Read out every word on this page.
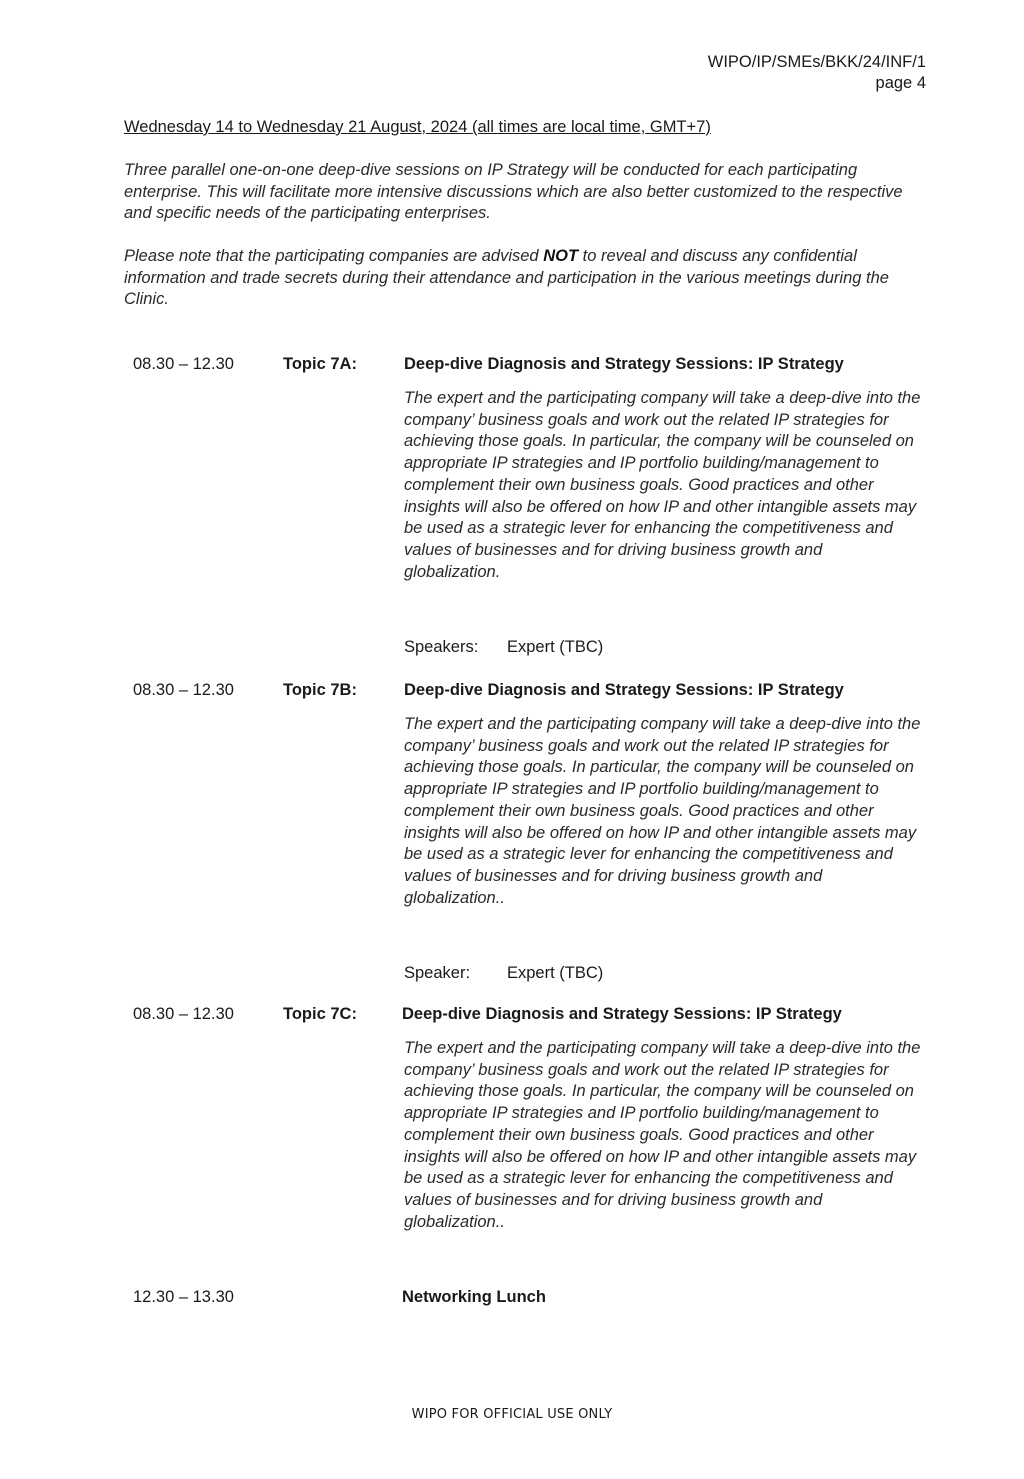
WIPO/IP/SMEs/BKK/24/INF/1
page 4
Wednesday 14 to Wednesday 21 August, 2024 (all times are local time, GMT+7)

Three parallel one-on-one deep-dive sessions on IP Strategy will be conducted for each participating enterprise. This will facilitate more intensive discussions which are also better customized to the respective and specific needs of the participating enterprises.

Please note that the participating companies are advised NOT to reveal and discuss any confidential information and trade secrets during their attendance and participation in the various meetings during the Clinic.

08.30 – 12.30	Topic 7A:	Deep-dive Diagnosis and Strategy Sessions: IP Strategy

The expert and the participating company will take a deep-dive into the company’ business goals and work out the related IP strategies for achieving those goals. In particular, the company will be counseled on appropriate IP strategies and IP portfolio building/management to complement their own business goals. Good practices and other insights will also be offered on how IP and other intangible assets may be used as a strategic lever for enhancing the competitiveness and values of businesses and for driving business growth and globalization.

Speakers: Expert (TBC)
08.30 – 12.30	Topic 7B:	Deep-dive Diagnosis and Strategy Sessions: IP Strategy

The expert and the participating company will take a deep-dive into the company’ business goals and work out the related IP strategies for achieving those goals. In particular, the company will be counseled on appropriate IP strategies and IP portfolio building/management to complement their own business goals. Good practices and other insights will also be offered on how IP and other intangible assets may be used as a strategic lever for enhancing the competitiveness and values of businesses and for driving business growth and globalization..

Speaker: Expert (TBC)
08.30 – 12.30	Topic 7C:	Deep-dive Diagnosis and Strategy Sessions: IP Strategy

The expert and the participating company will take a deep-dive into the company’ business goals and work out the related IP strategies for achieving those goals. In particular, the company will be counseled on appropriate IP strategies and IP portfolio building/management to complement their own business goals. Good practices and other insights will also be offered on how IP and other intangible assets may be used as a strategic lever for enhancing the competitiveness and values of businesses and for driving business growth and globalization..

12.30 – 13.30	Networking Lunch
WIPO FOR OFFICIAL USE ONLY
